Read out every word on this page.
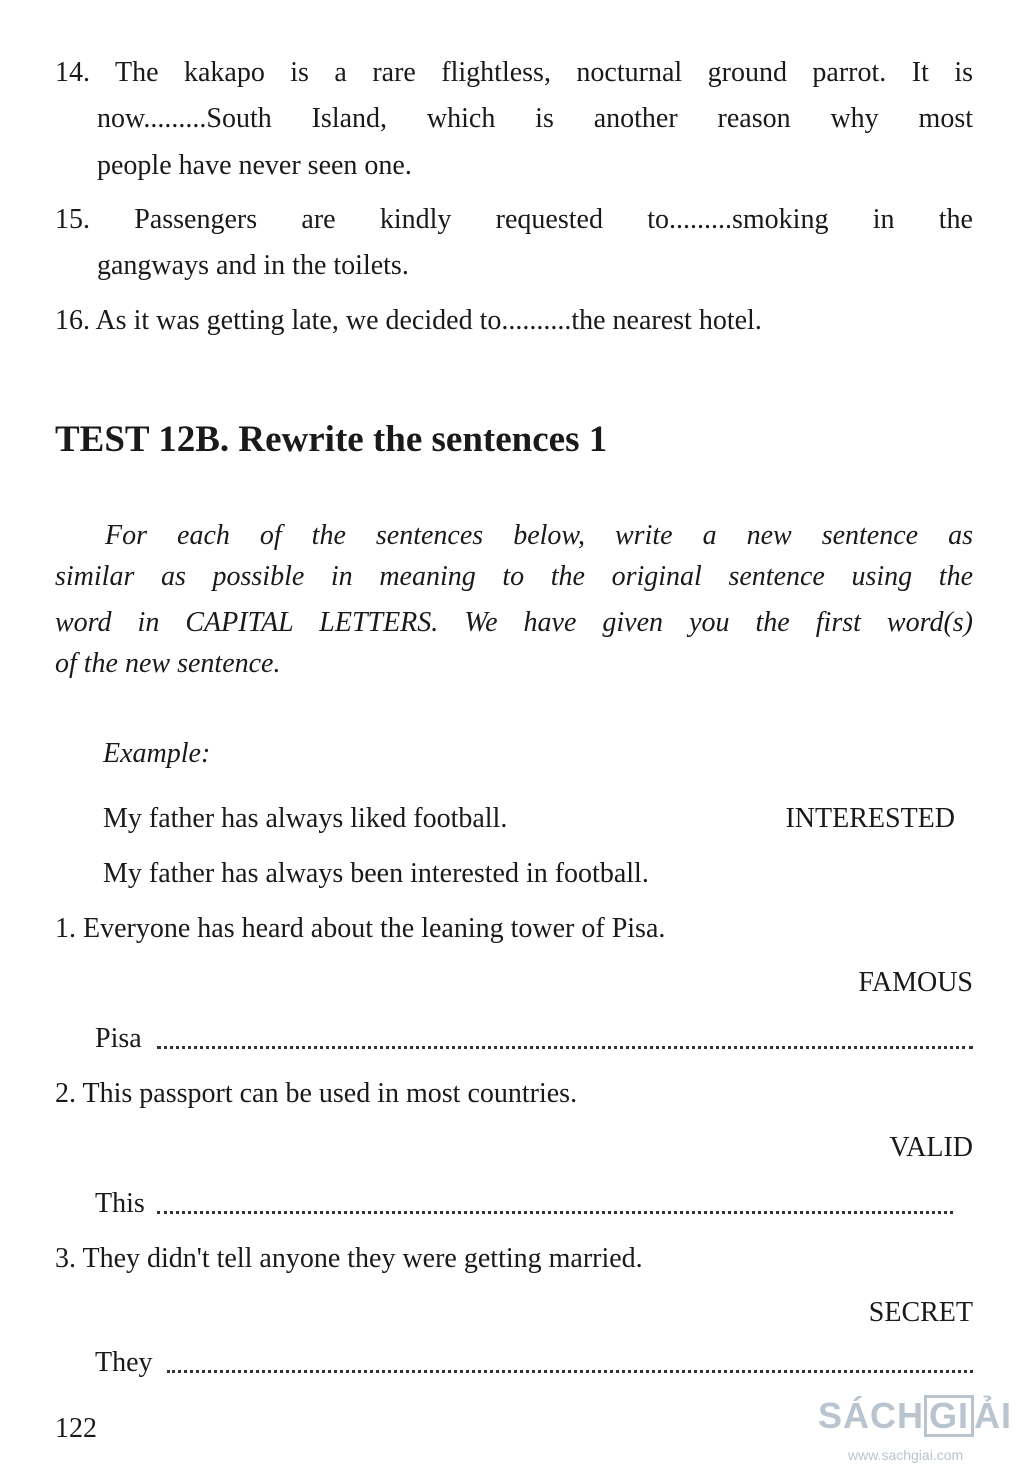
14. The kakapo is a rare flightless, nocturnal ground parrot. It is
now.........South Island, which is another reason why most
people have never seen one.
15. Passengers are kindly requested to.........smoking in the
gangways and in the toilets.
16. As it was getting late, we decided to..........the nearest hotel.
TEST 12B. Rewrite the sentences 1
For each of the sentences below, write a new sentence as
similar as possible in meaning to the original sentence using the
word in CAPITAL LETTERS. We have given you the first word(s)
of the new sentence.
Example:
My father has always liked football.	INTERESTED
My father has always been interested in football.
1. Everyone has heard about the leaning tower of Pisa.
FAMOUS
Pisa
2. This passport can be used in most countries.
VALID
This
3. They didn't tell anyone they were getting married.
SECRET
They
122	SÁCH GI ẢI
www.sachgiai.com
